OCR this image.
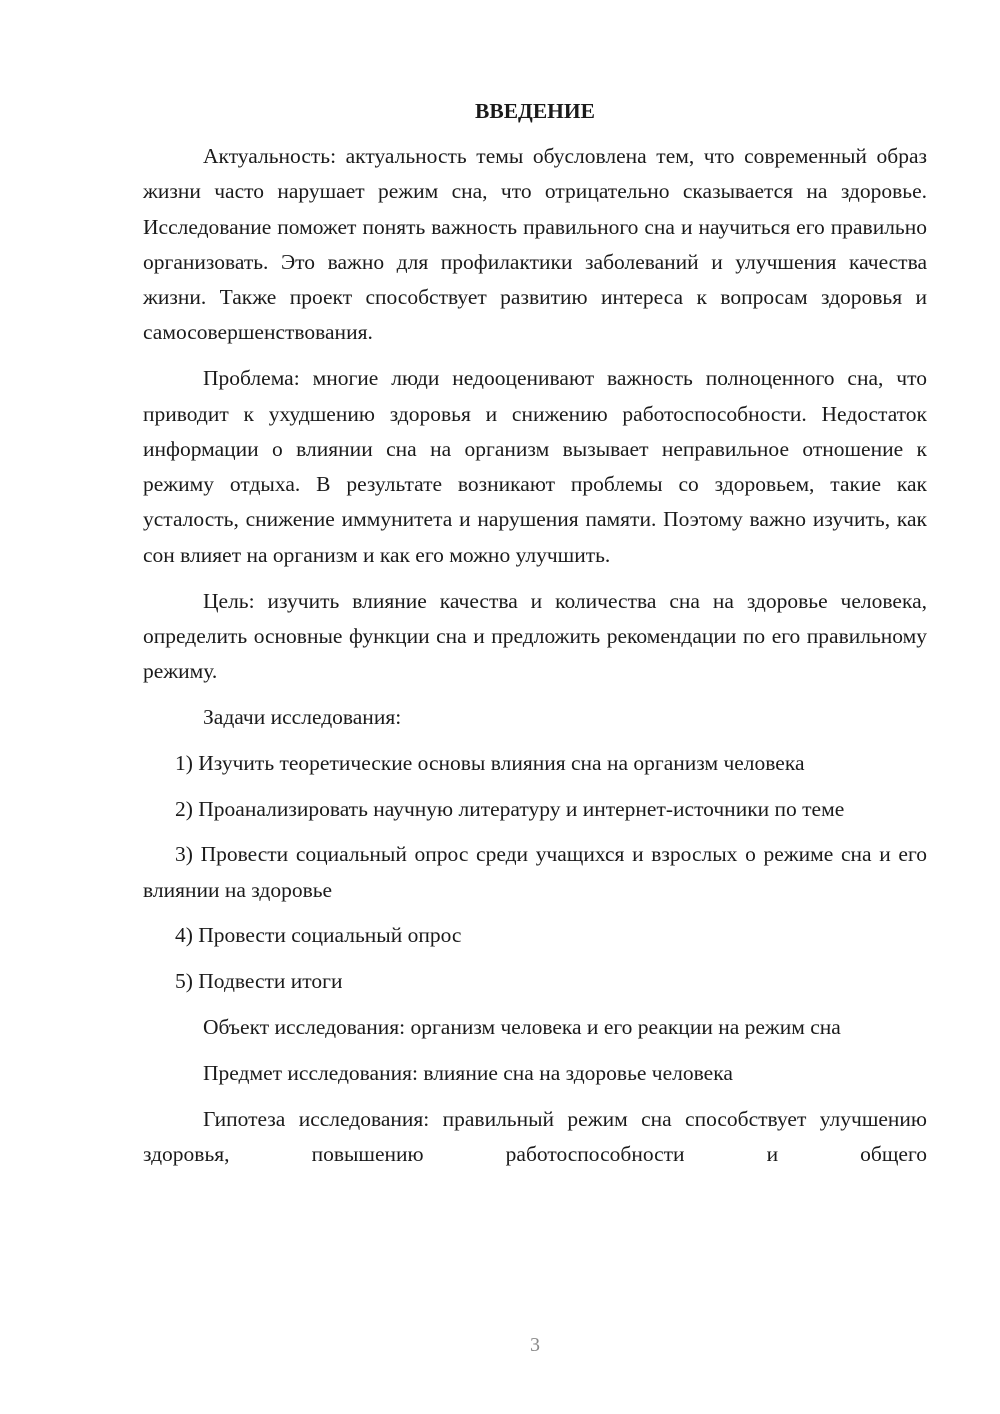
ВВЕДЕНИЕ

Актуальность: актуальность темы обусловлена тем, что современный образ жизни часто нарушает режим сна, что отрицательно сказывается на здоровье. Исследование поможет понять важность правильного сна и научиться его правильно организовать. Это важно для профилактики заболеваний и улучшения качества жизни. Также проект способствует развитию интереса к вопросам здоровья и самосовершенствования.

Проблема: многие люди недооценивают важность полноценного сна, что приводит к ухудшению здоровья и снижению работоспособности. Недостаток информации о влиянии сна на организм вызывает неправильное отношение к режиму отдыха. В результате возникают проблемы со здоровьем, такие как усталость, снижение иммунитета и нарушения памяти. Поэтому важно изучить, как сон влияет на организм и как его можно улучшить.

Цель: изучить влияние качества и количества сна на здоровье человека, определить основные функции сна и предложить рекомендации по его правильному режиму.

Задачи исследования:

1) Изучить теоретические основы влияния сна на организм человека

2) Проанализировать научную литературу и интернет-источники по теме

3) Провести социальный опрос среди учащихся и взрослых о режиме сна и его влиянии на здоровье

4) Провести социальный опрос

5) Подвести итоги

Объект исследования: организм человека и его реакции на режим сна

Предмет исследования: влияние сна на здоровье человека

Гипотеза исследования: правильный режим сна способствует улучшению здоровья, повышению работоспособности и общего

3
